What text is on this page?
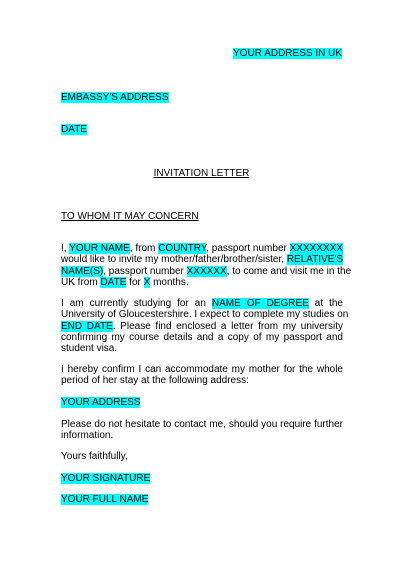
YOUR ADDRESS IN UK
EMBASSY'S ADDRESS
DATE
INVITATION LETTER
TO WHOM IT MAY CONCERN
I, YOUR NAME, from COUNTRY, passport number XXXXXXXX
would like to invite my mother/father/brother/sister, RELATIVE'S
NAME(S), passport number XXXXXX, to come and visit me in the
UK from DATE for X months.
I am currently studying for an NAME OF DEGREE at the
University of Gloucestershire. I expect to complete my studies on
END DATE. Please find enclosed a letter from my university
confirming my course details and a copy of my passport and
student visa.
I hereby confirm I can accommodate my mother for the whole
period of her stay at the following address:
YOUR ADDRESS
Please do not hesitate to contact me, should you require further
information.
Yours faithfully,
YOUR SIGNATURE
YOUR FULL NAME
